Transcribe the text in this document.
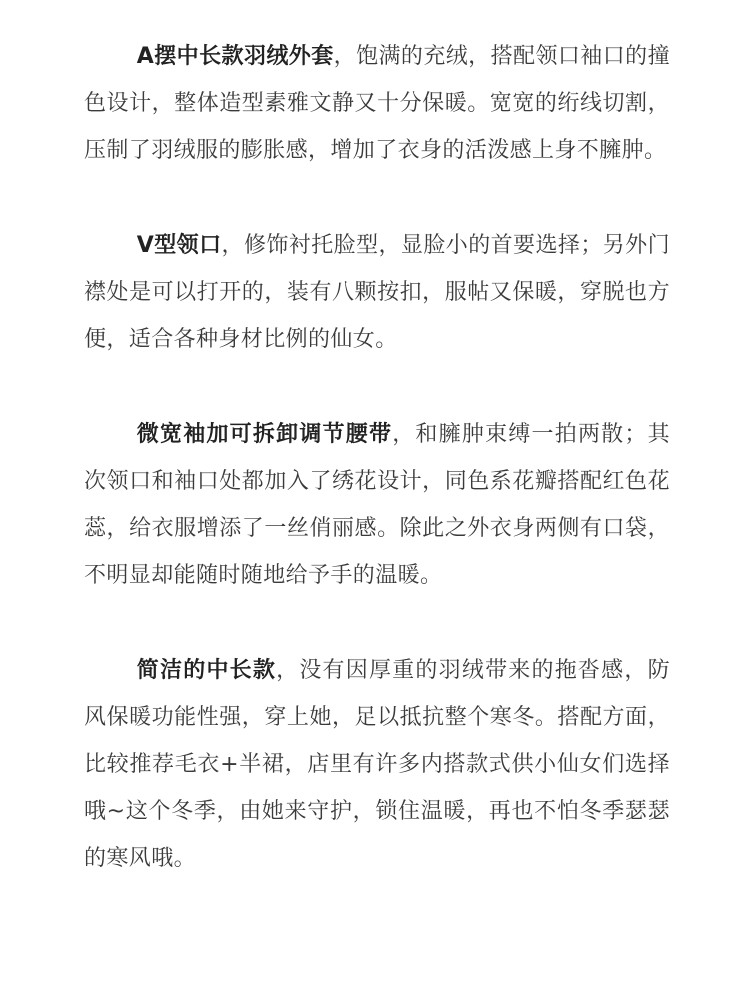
A摆中长款羽绒外套，饱满的充绒，搭配领口袖口的撞色设计，整体造型素雅文静又十分保暖。宽宽的绗线切割，压制了羽绒服的膨胀感，增加了衣身的活泼感上身不臃肿。

V型领口，修饰衬托脸型，显脸小的首要选择；另外门襟处是可以打开的，装有八颗按扣，服帖又保暖，穿脱也方便，适合各种身材比例的仙女。

微宽袖加可拆卸调节腰带，和臃肿束缚一拍两散；其次领口和袖口处都加入了绣花设计，同色系花瓣搭配红色花蕊，给衣服增添了一丝俏丽感。除此之外衣身两侧有口袋，不明显却能随时随地给予手的温暖。

简洁的中长款，没有因厚重的羽绒带来的拖沓感，防风保暖功能性强，穿上她，足以抵抗整个寒冬。搭配方面，比较推荐毛衣+半裙，店里有许多内搭款式供小仙女们选择哦~这个冬季，由她来守护，锁住温暖，再也不怕冬季瑟瑟的寒风哦。
